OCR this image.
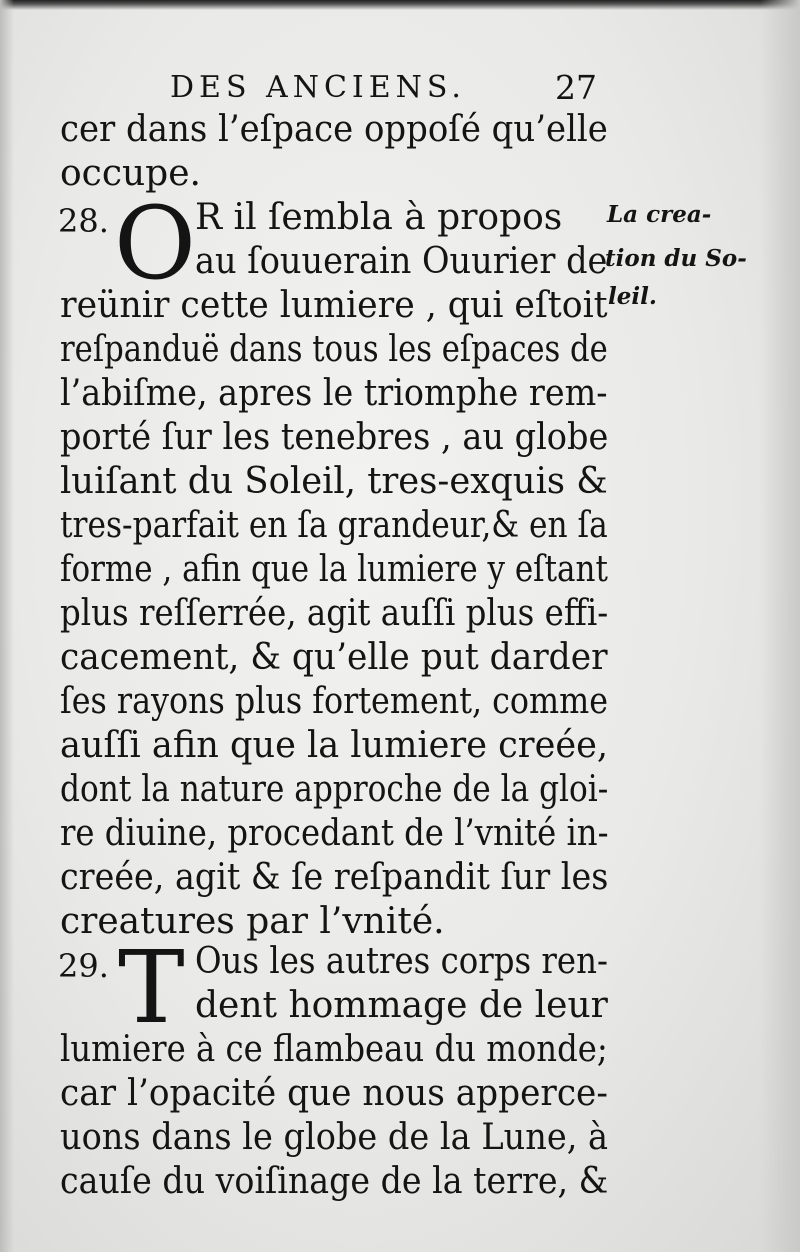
DES ANCIENS.	27
cer dans l’eſpace oppoſé qu’elle
occupe.
28. O R il ſembla à propos
au ſouuerain Ouurier de
reünir cette lumiere , qui eſtoit
reſpanduë dans tous les eſpaces de
l’abiſme, apres le triomphe rem-
porté ſur les tenebres , au globe
luiſant du Soleil, tres-exquis &
tres-parfait en ſa grandeur,& en ſa
forme , afin que la lumiere y eſtant
plus reſſerrée, agit auſſi plus effi-
cacement, & qu’elle put darder
ſes rayons plus fortement, comme
auſſi afin que la lumiere creée,
dont la nature approche de la gloi-
re diuine, procedant de l’vnité in-
creée, agit & ſe reſpandit ſur les
creatures par l’vnité.
29. T Ous les autres corps ren-
dent hommage de leur
lumiere à ce flambeau du monde;
car l’opacité que nous apperce-
uons dans le globe de la Lune, à
cauſe du voiſinage de la terre, &
La crea-
tion du So-
leil.
